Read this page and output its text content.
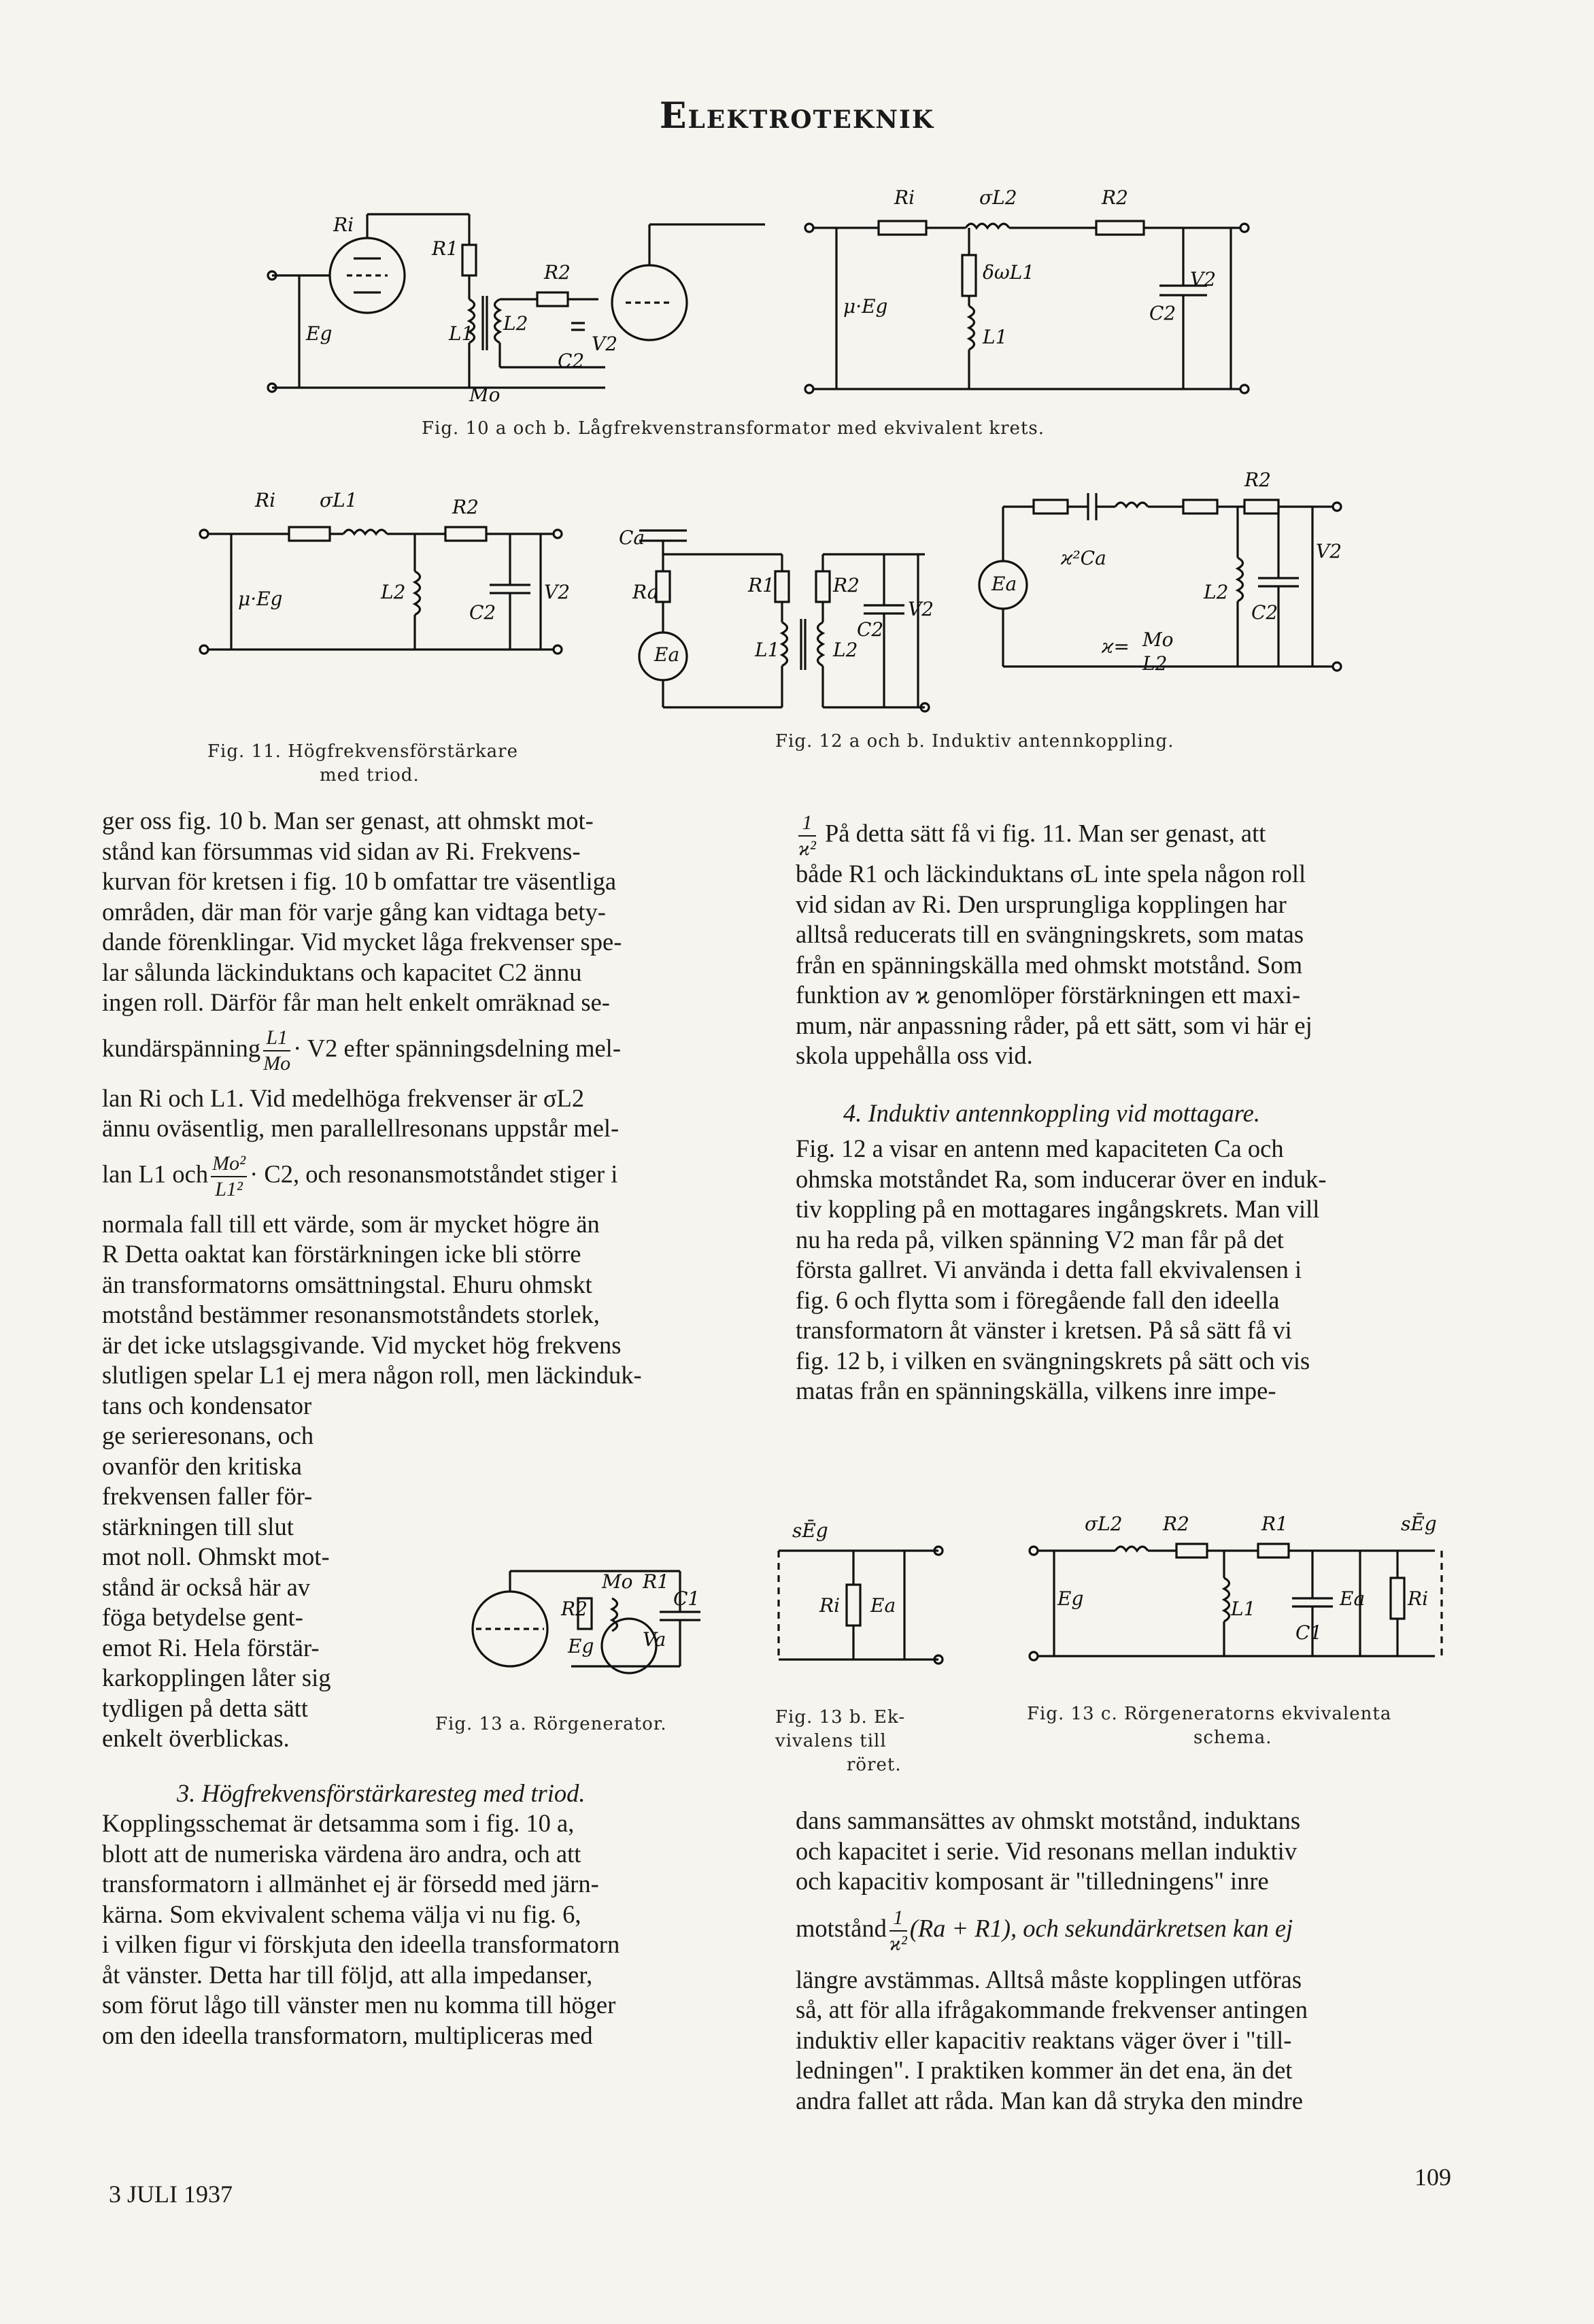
Elektroteknik
Ri
R1
R2
Eg	L1 L2
C2
V2
Mo
μ·Eg
Ri	σL2
δωL1
L1
R2
C2
V2
Fig. 10 a och b. Lågfrekvenstransformator med ekvivalent krets.
μ·Eg
Ri σL1	R2
L2
C2
V2
Ca
Ra
Ea
R1	R2
L1	L2
C2
V2
Ea
ϰ²Ca
ϰ= Mo
L2
R2
L2
C2
V2
Fig. 11. Högfrekvensförstärkare
med triod.
Fig. 12 a och b. Induktiv antennkoppling.

ger oss fig. 10 b. Man ser genast, att ohmskt mot-

stånd kan försummas vid sidan av Ri. Frekvens-

kurvan för kretsen i fig. 10 b omfattar tre väsentliga

områden, där man för varje gång kan vidtaga bety-

dande förenklingar. Vid mycket låga frekvenser spe-

lar sålunda läckinduktans och kapacitet C2 ännu

ingen roll. Därför får man helt enkelt omräknad se-

kundärspänning $\frac{L1}{Mo} \cdot V2$ efter spänningsdelning mel-

lan Ri och L1. Vid medelhöga frekvenser är σL2

ännu oväsentlig, men parallellresonans uppstår mel-

lan L1 och $\frac{\text{Mo²}}{\text{L1²}} \cdot C2$, och resonansmotståndet stiger i

normala fall till ett värde, som är mycket högre än

R Detta oaktat kan förstärkningen icke bli större

än transformatorns omsättningstal. Ehuru ohmskt

motstånd bestämmer resonansmotståndets storlek,

är det icke utslagsgivande. Vid mycket hög frekvens

slutligen spelar L1 ej mera någon roll, men läckinduk-

tans och kondensator

ge serieresonans, och

ovanför den kritiska

frekvensen faller för-

stärkningen till slut

mot noll. Ohmskt mot-

stånd är också här av

föga betydelse gent-

emot Ri. Hela förstär-

karkopplingen låter sig

tydligen på detta sätt

enkelt överblickas.

3. Högfrekvensförstärkaresteg med triod.

Kopplingsschemat är detsamma som i fig. 10 a,

blott att de numeriska värdena äro andra, och att

transformatorn i allmänhet ej är försedd med järn-

kärna. Som ekvivalent schema välja vi nu fig. 6,

i vilken figur vi förskjuta den ideella transformatorn

åt vänster. Detta har till följd, att alla impedanser,

som förut lågo till vänster men nu komma till höger

om den ideella transformatorn, multipliceras med

Mo R1
R2
Eg	Va
C1
Fig. 13 a. Rörgenerator.

$\frac{1}{\text{ϰ²}}$ På detta sätt få vi fig. 11. Man ser genast, att

både R1 och läckinduktans σL inte spela någon roll

vid sidan av Ri. Den ursprungliga kopplingen har

alltså reducerats till en svängningskrets, som matas

från en spänningskälla med ohmskt motstånd. Som

funktion av ϰ genomlöper förstärkningen ett maxi-

mum, när anpassning råder, på ett sätt, som vi här ej

skola uppehålla oss vid.

4. Induktiv antennkoppling vid mottagare.

Fig. 12 a visar en antenn med kapaciteten Ca och

ohmska motståndet Ra, som inducerar över en induk-

tiv koppling på en mottagares ingångskrets. Man vill

nu ha reda på, vilken spänning V2 man får på det

första gallret. Vi använda i detta fall ekvivalensen i

fig. 6 och flytta som i föregående fall den ideella

transformatorn åt vänster i kretsen. På så sätt få vi

fig. 12 b, i vilken en svängningskrets på sätt och vis

matas från en spänningskälla, vilkens inre impe-

sĒg
Ri Ea
Fig. 13 b. Ek-
vivalens till
röret.
Eg
σL2 R2	R1
L1
C1
Ea Ri
sĒg
Fig. 13 c. Rörgeneratorns ekvivalenta
schema.

dans sammansättes av ohmskt motstånd, induktans

och kapacitet i serie. Vid resonans mellan induktiv

och kapacitiv komposant är "tilledningens" inre

motstånd $\frac{1}{\text{ϰ²}} (Ra + R1)$, och sekundärkretsen kan ej

längre avstämmas. Alltså måste kopplingen utföras

så, att för alla ifrågakommande frekvenser antingen

induktiv eller kapacitiv reaktans väger över i "till-

ledningen". I praktiken kommer än det ena, än det

andra fallet att råda. Man kan då stryka den mindre

3 JULI 1937
109
